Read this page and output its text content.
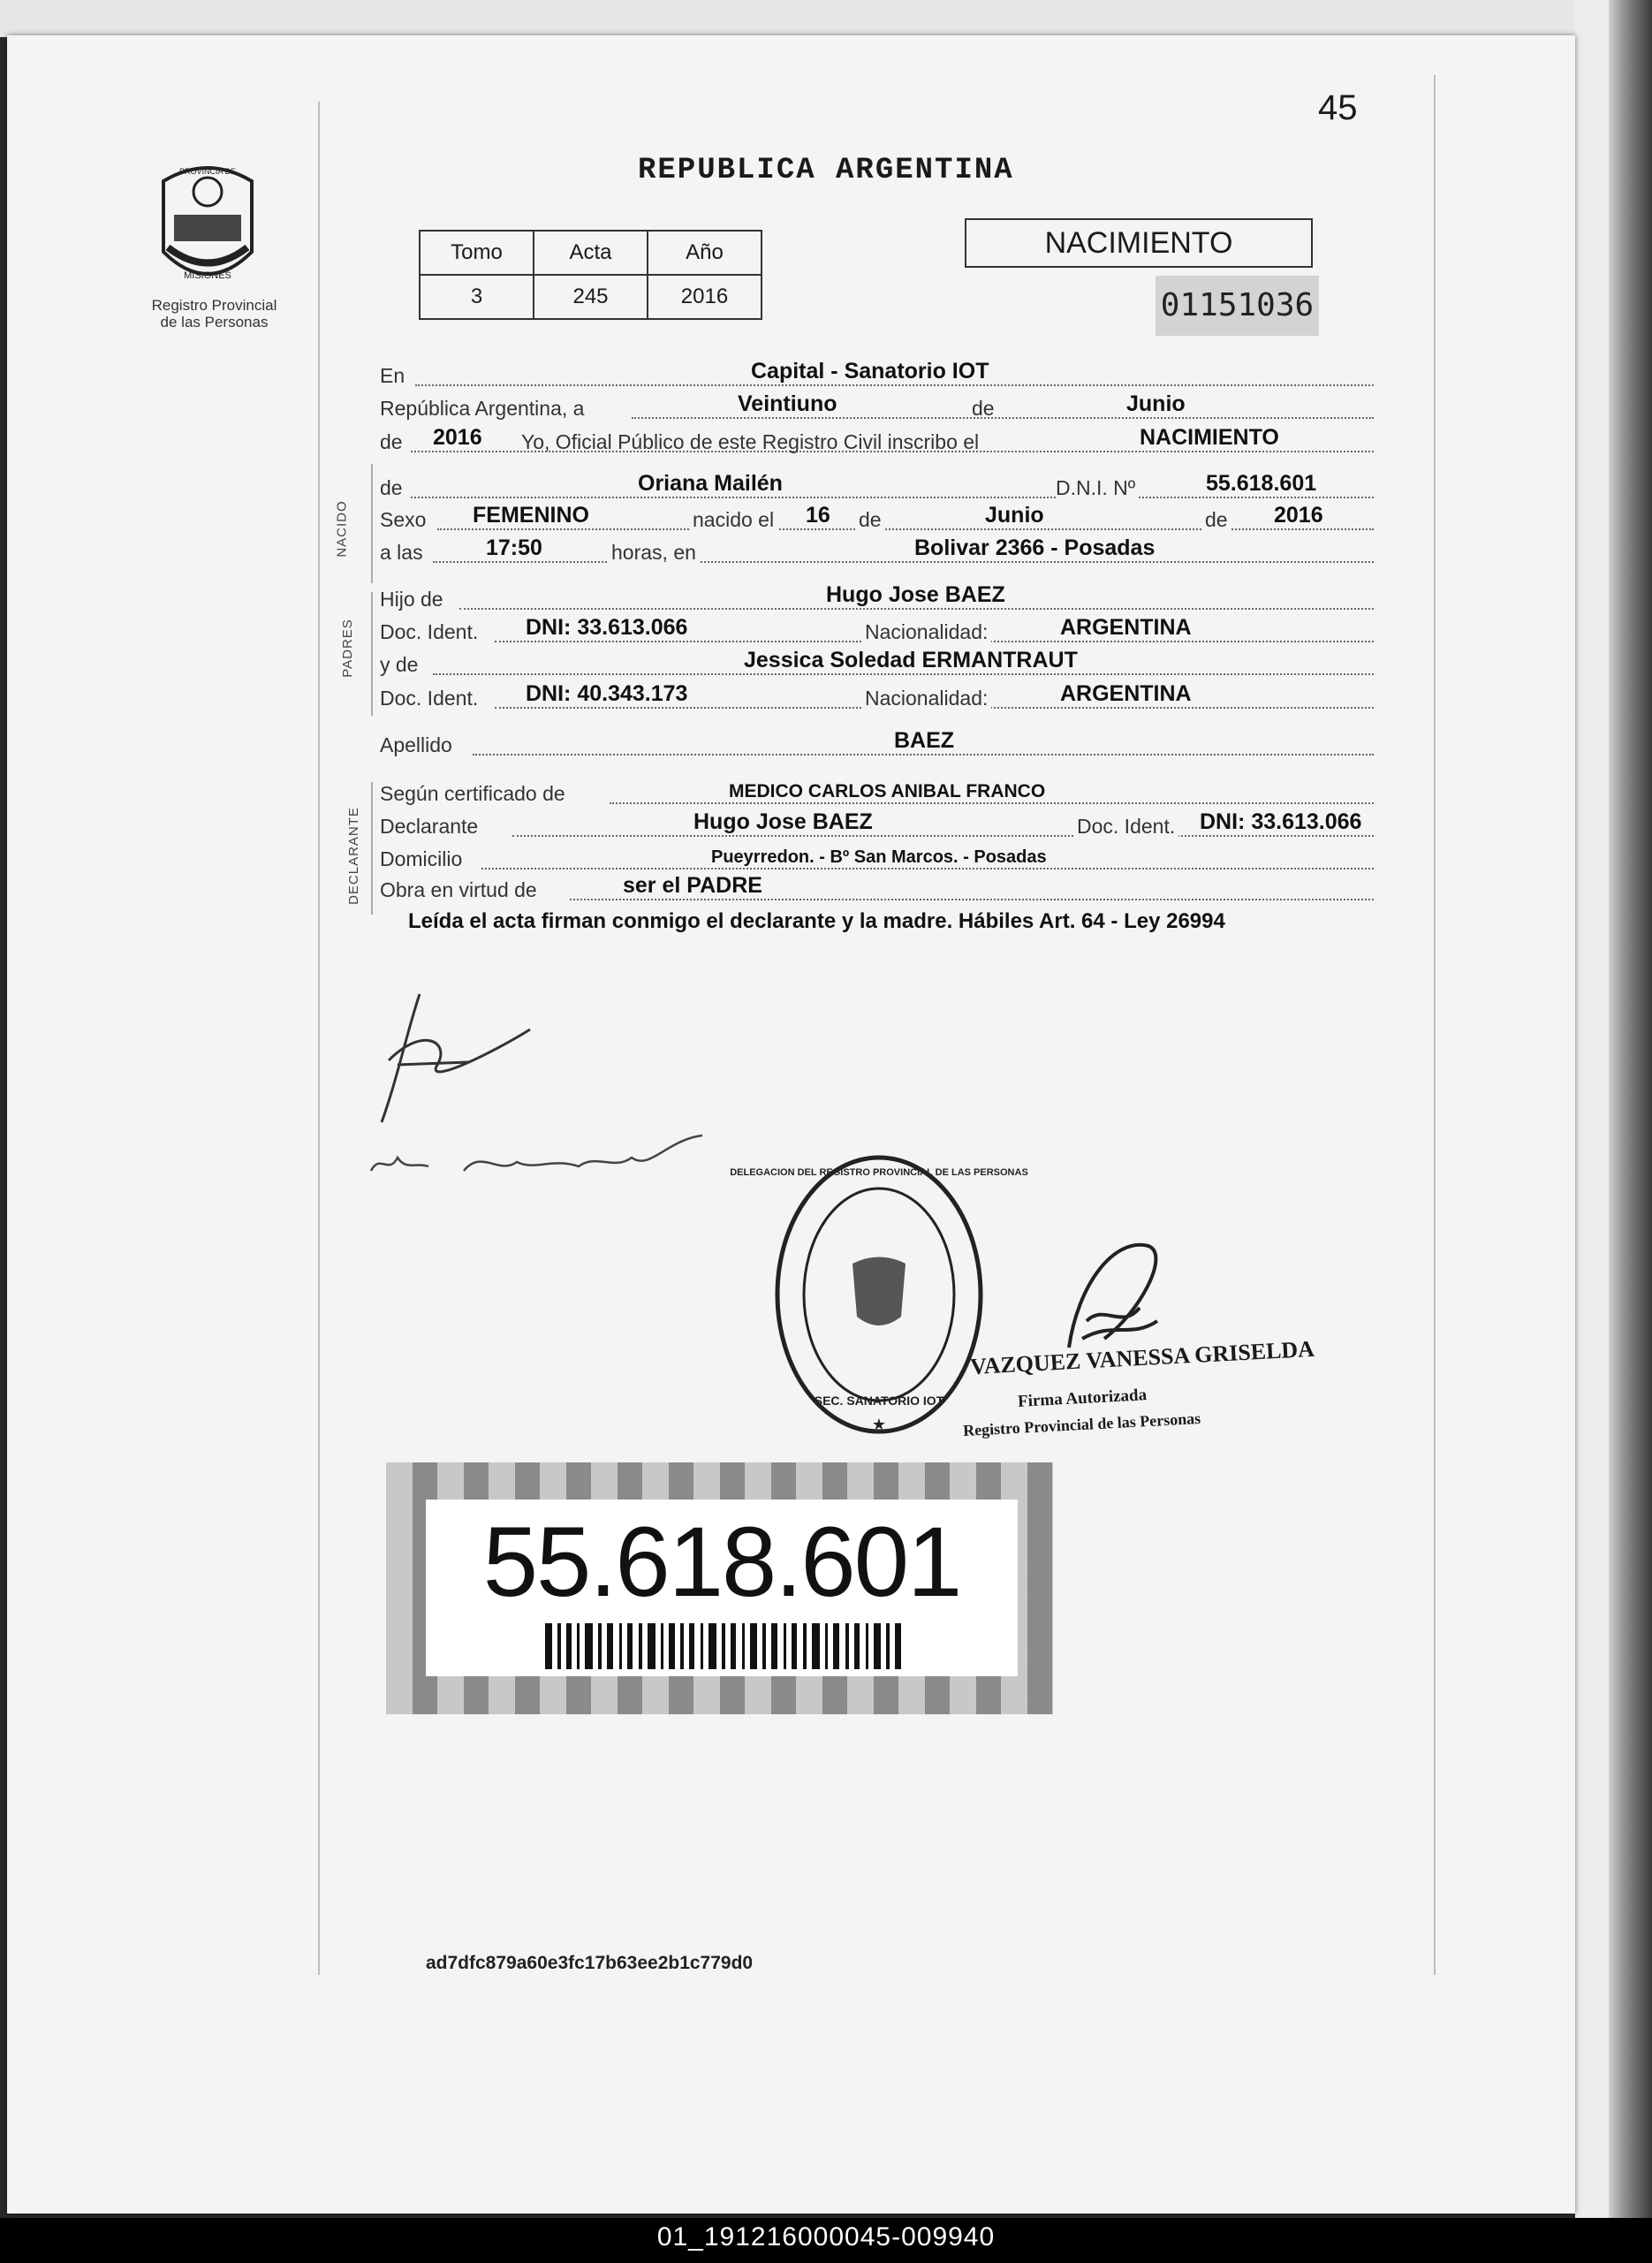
45
REPUBLICA ARGENTINA
PROVINCIA DE
MISIONES
Registro Provincial
de las Personas
Tomo	Acta	Año
3	245	2016
NACIMIENTO
01151036
En	Capital - Sanatorio IOT
República Argentina, a	Veintiuno	de	Junio
de 2016 Yo, Oficial Público de este Registro Civil inscribo el	NACIMIENTO
NACIDO
de	Oriana Mailén	D.N.I. Nº	55.618.601
Sexo FEMENINO	nacido el 16 de	Junio	de 2016
a las	17:50	horas, en	Bolivar 2366 - Posadas
PADRES
Hijo de	Hugo Jose BAEZ
Doc. Ident. DNI: 33.613.066	Nacionalidad:	ARGENTINA
y de	Jessica Soledad ERMANTRAUT
Doc. Ident. DNI: 40.343.173	Nacionalidad:	ARGENTINA
Apellido	BAEZ
DECLARANTE
Según certificado de	MEDICO CARLOS ANIBAL FRANCO
Declarante	Hugo Jose BAEZ	Doc. Ident. DNI: 33.613.066
Domicilio	Pueyrredon. - Bº San Marcos. - Posadas
Obra en virtud de	ser el PADRE
Leída el acta firman conmigo el declarante y la madre. Hábiles Art. 64 - Ley 26994
SEC. SANATORIO IOT
DELEGACION DEL REGISTRO PROVINCIAL DE LAS PERSONAS
★
VAZQUEZ VANESSA GRISELDA
Firma Autorizada
Registro Provincial de las Personas
55.618.601
ad7dfc879a60e3fc17b63ee2b1c779d0
01_191216000045-009940
